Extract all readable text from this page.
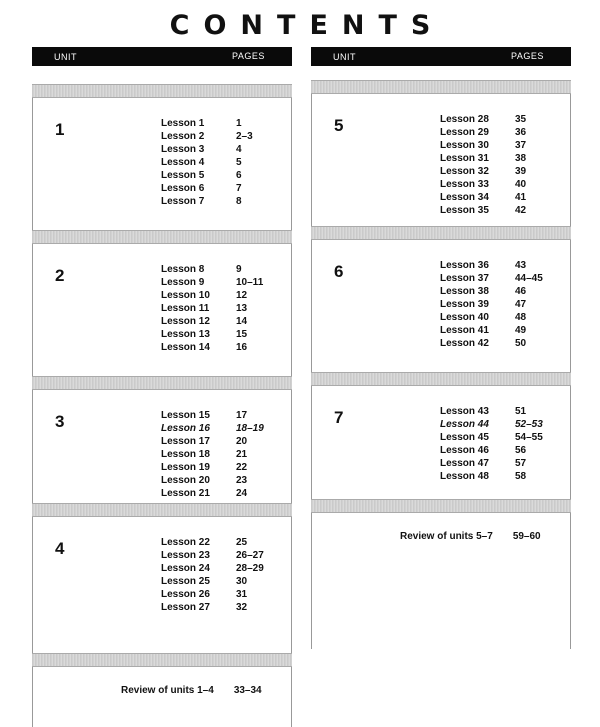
CONTENTS
UNIT	PAGES
1	Lesson 1	1
Lesson 2	2–3
Lesson 3	4
Lesson 4	5
Lesson 5	6
Lesson 6	7
Lesson 7	8
2	Lesson 8	9
Lesson 9	10–11
Lesson 10	12
Lesson 11	13
Lesson 12	14
Lesson 13	15
Lesson 14	16
3	Lesson 15	17
Lesson 16	18–19
Lesson 17	20
Lesson 18	21
Lesson 19	22
Lesson 20	23
Lesson 21	24
4	Lesson 22	25
Lesson 23	26–27
Lesson 24	28–29
Lesson 25	30
Lesson 26	31
Lesson 27	32
Review of units 1–4 33–34
UNIT	PAGES
5	Lesson 28	35
Lesson 29	36
Lesson 30	37
Lesson 31	38
Lesson 32	39
Lesson 33	40
Lesson 34	41
Lesson 35	42
6	Lesson 36	43
Lesson 37	44–45
Lesson 38	46
Lesson 39	47
Lesson 40	48
Lesson 41	49
Lesson 42	50
7	Lesson 43	51
Lesson 44	52–53
Lesson 45	54–55
Lesson 46	56
Lesson 47	57
Lesson 48	58
Review of units 5–7 59–60
